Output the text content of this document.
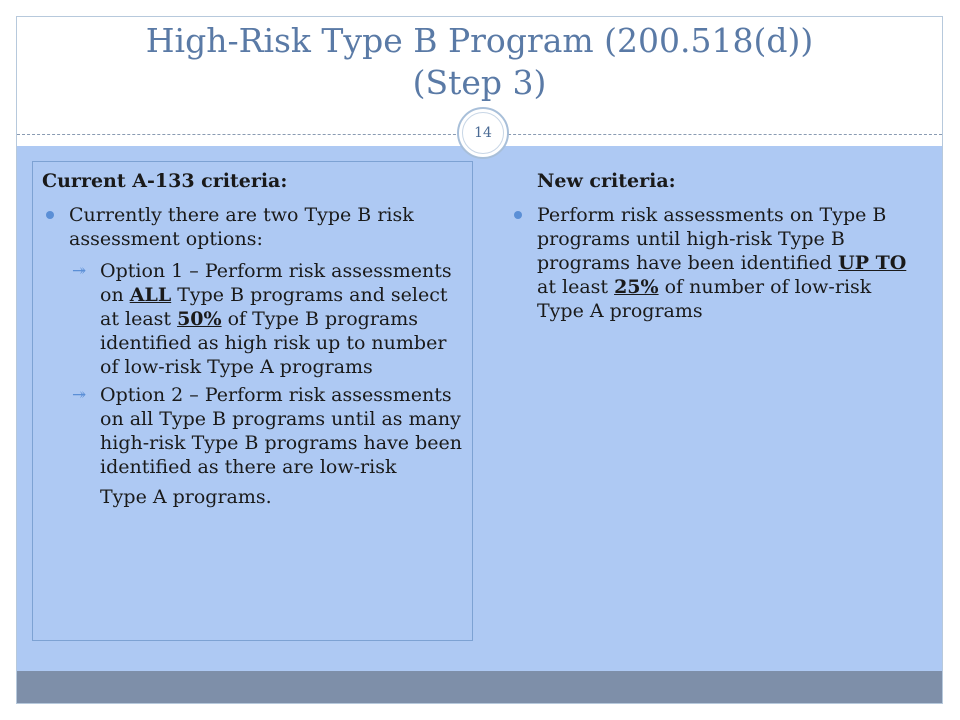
High-Risk Type B Program (200.518(d))
(Step 3)
14
Current A-133 criteria:
Currently there are two Type B risk assessment options:
↠ Option 1 – Perform risk assessments on ALL Type B programs and select at least 50% of Type B programs identified as high risk up to number of low-risk Type A programs
↠ Option 2 – Perform risk assessments on all Type B programs until as many high-risk Type B programs have been identified as there are low-risk
Type A programs.
New criteria:
Perform risk assessments on Type B programs until high-risk Type B programs have been identified UP TO at least 25% of number of low-risk Type A programs
